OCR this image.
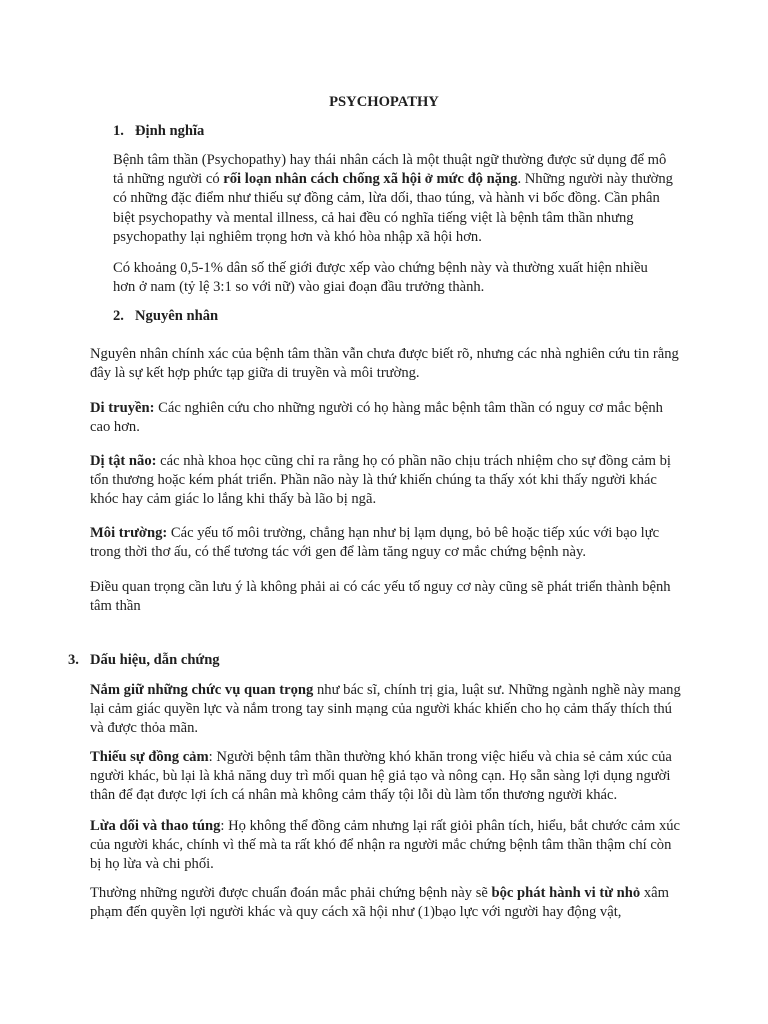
PSYCHOPATHY

1. Định nghĩa

Bệnh tâm thần (Psychopathy) hay thái nhân cách là một thuật ngữ thường được sử dụng để mô tả những người có rối loạn nhân cách chống xã hội ở mức độ nặng. Những người này thường có những đặc điểm như thiếu sự đồng cảm, lừa dối, thao túng, và hành vi bốc đồng. Cần phân biệt psychopathy và mental illness, cả hai đều có nghĩa tiếng việt là bệnh tâm thần nhưng psychopathy lại nghiêm trọng hơn và khó hòa nhập xã hội hơn.

Có khoảng 0,5-1% dân số thế giới được xếp vào chứng bệnh này và thường xuất hiện nhiều hơn ở nam (tỷ lệ 3:1 so với nữ) vào giai đoạn đầu trưởng thành.

2. Nguyên nhân

Nguyên nhân chính xác của bệnh tâm thần vẫn chưa được biết rõ, nhưng các nhà nghiên cứu tin rằng đây là sự kết hợp phức tạp giữa di truyền và môi trường.

Di truyền: Các nghiên cứu cho những người có họ hàng mắc bệnh tâm thần có nguy cơ mắc bệnh cao hơn.

Dị tật não: các nhà khoa học cũng chỉ ra rằng họ có phần não chịu trách nhiệm cho sự đồng cảm bị tổn thương hoặc kém phát triển. Phần não này là thứ khiến chúng ta thấy xót khi thấy người khác khóc hay cảm giác lo lắng khi thấy bà lão bị ngã.

Môi trường: Các yếu tố môi trường, chẳng hạn như bị lạm dụng, bỏ bê hoặc tiếp xúc với bạo lực trong thời thơ ấu, có thể tương tác với gen để làm tăng nguy cơ mắc chứng bệnh này.

Điều quan trọng cần lưu ý là không phải ai có các yếu tố nguy cơ này cũng sẽ phát triển thành bệnh tâm thần

3. Dấu hiệu, dẫn chứng

Nắm giữ những chức vụ quan trọng như bác sĩ, chính trị gia, luật sư. Những ngành nghề này mang lại cảm giác quyền lực và nắm trong tay sinh mạng của người khác khiến cho họ cảm thấy thích thú và được thỏa mãn.

Thiếu sự đồng cảm: Người bệnh tâm thần thường khó khăn trong việc hiểu và chia sẻ cảm xúc của người khác, bù lại là khả năng duy trì mối quan hệ giả tạo và nông cạn. Họ sẵn sàng lợi dụng người thân để đạt được lợi ích cá nhân mà không cảm thấy tội lỗi dù làm tổn thương người khác.

Lừa dối và thao túng: Họ không thể đồng cảm nhưng lại rất giỏi phân tích, hiểu, bắt chước cảm xúc của người khác, chính vì thế mà ta rất khó để nhận ra người mắc chứng bệnh tâm thần thậm chí còn bị họ lừa và chi phối.

Thường những người được chuẩn đoán mắc phải chứng bệnh này sẽ bộc phát hành vi từ nhỏ xâm phạm đến quyền lợi người khác và quy cách xã hội như (1)bạo lực với người hay động vật,
